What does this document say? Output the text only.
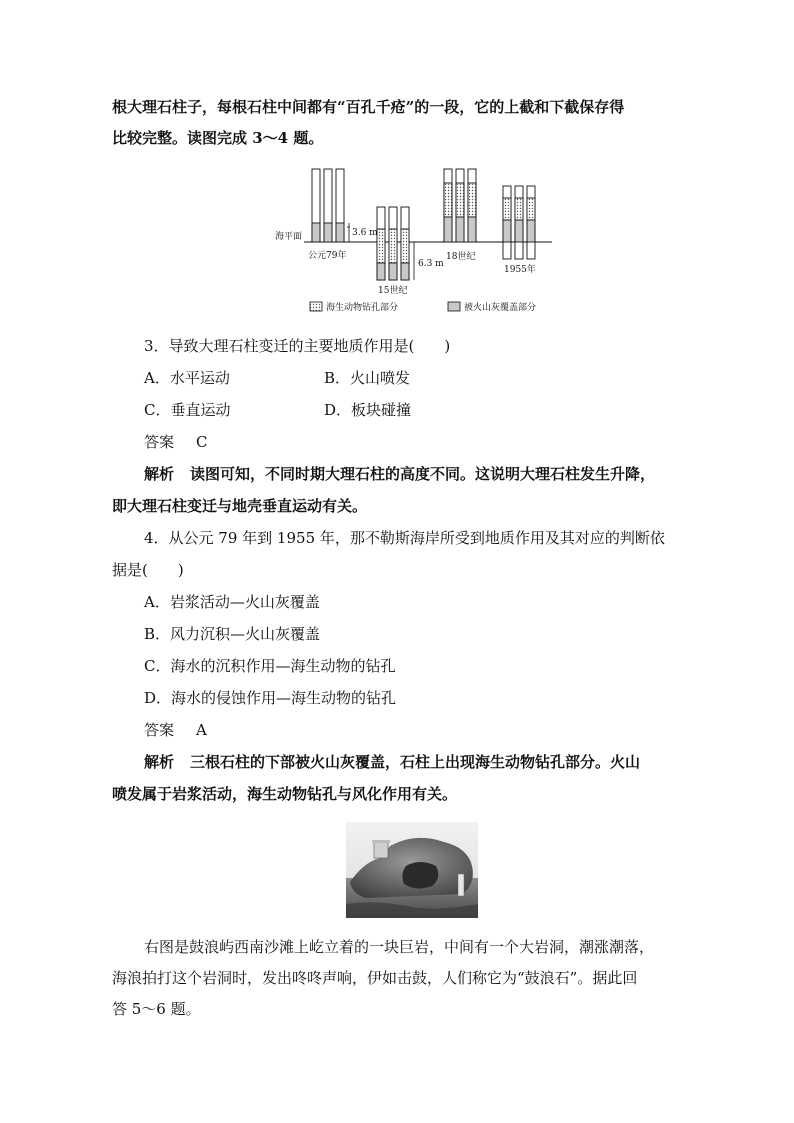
根大理石柱子，每根石柱中间都有“百孔千疮”的一段，它的上截和下截保存得
比较完整。读图完成 3～4 题。
海平面	3.6 m
6.3 m
公元79年
15世纪
18世纪
1955年
海生动物钻孔部分	被火山灰覆盖部分
3．导致大理石柱变迁的主要地质作用是(　　)
A．水平运动	B．火山喷发
C．垂直运动	D．板块碰撞
答案 C
解析 读图可知，不同时期大理石柱的高度不同。这说明大理石柱发生升降，
即大理石柱变迁与地壳垂直运动有关。
4．从公元 79 年到 1955 年，那不勒斯海岸所受到地质作用及其对应的判断依
据是(　　)
A．岩浆活动—火山灰覆盖
B．风力沉积—火山灰覆盖
C．海水的沉积作用—海生动物的钻孔
D．海水的侵蚀作用—海生动物的钻孔
答案 A
解析 三根石柱的下部被火山灰覆盖，石柱上出现海生动物钻孔部分。火山
喷发属于岩浆活动，海生动物钻孔与风化作用有关。
右图是鼓浪屿西南沙滩上屹立着的一块巨岩，中间有一个大岩洞，潮涨潮落，
海浪拍打这个岩洞时，发出咚咚声响，伊如击鼓，人们称它为“鼓浪石”。据此回
答 5～6 题。
